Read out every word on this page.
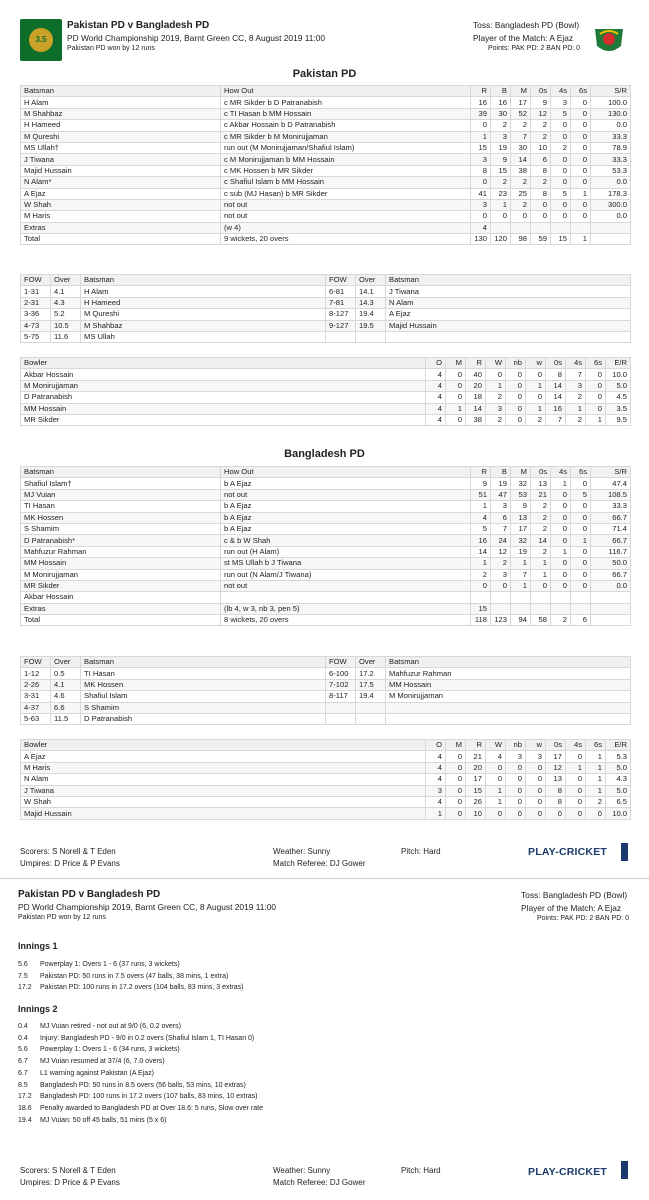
3.5
Pakistan PD v Bangladesh PD
PD World Championship 2019, Barnt Green CC, 8 August 2019 11:00
Pakistan PD won by 12 runs
Toss: Bangladesh PD (Bowl)
Player of the Match: A Ejaz
Points: PAK PD: 2 BAN PD: 0
Pakistan PD
Batsman	How Out	R	B	M	0s	4s	6s	S/R
H Alam	c MR Sikder b D Patranabish	16	16	17	9	3	0	100.0
M Shahbaz	c TI Hasan b MM Hossain	39	30	52	12	5	0	130.0
H Hameed	c Akbar Hossain b D Patranabish	0	2	2	2	0	0	0.0
M Qureshi	c MR Sikder b M Monirujjaman	1	3	7	2	0	0	33.3
MS Ullah†	run out (M Monirujjaman/Shafiul Islam)	15	19	30	10	2	0	78.9
J Tiwana	c M Monirujjaman b MM Hossain	3	9	14	6	0	0	33.3
Majid Hussain	c MK Hossen b MR Sikder	8	15	38	8	0	0	53.3
N Alam*	c Shafiul Islam b MM Hossain	0	2	2	2	0	0	0.0
A Ejaz	c sub (MJ Hasan) b MR Sikder	41	23	25	8	5	1	178.3
W Shah	not out	3	1	2	0	0	0	300.0
M Haris	not out	0	0	0	0	0	0	0.0
Extras	(w 4)	4						
Total	9 wickets, 20 overs	130	120	98	59	15	1	
FOW	Over	Batsman	FOW	Over	Batsman
1-31	4.1	H Alam	6-81	14.1	J Tiwana
2-31	4.3	H Hameed	7-81	14.3	N Alam
3-36	5.2	M Qureshi	8-127	19.4	A Ejaz
4-73	10.5	M Shahbaz	9-127	19.5	Majid Hussain
5-75	11.6	MS Ullah			
Bowler	O	M	R	W	nb	w	0s	4s	6s	E/R
Akbar Hossain	4	0	40	0	0	0	8	7	0	10.0
M Monirujjaman	4	0	20	1	0	1	14	3	0	5.0
D Patranabish	4	0	18	2	0	0	14	2	0	4.5
MM Hossain	4	1	14	3	0	1	16	1	0	3.5
MR Sikder	4	0	38	2	0	2	7	2	1	9.5
Bangladesh PD
Batsman	How Out	R	B	M	0s	4s	6s	S/R
Shafiul Islam†	b A Ejaz	9	19	32	13	1	0	47.4
MJ Vuian	not out	51	47	53	21	0	5	108.5
TI Hasan	b A Ejaz	1	3	9	2	0	0	33.3
MK Hossen	b A Ejaz	4	6	13	2	0	0	66.7
S Shamim	b A Ejaz	5	7	17	2	0	0	71.4
D Patranabish*	c & b W Shah	16	24	32	14	0	1	66.7
Mahfuzur Rahman	run out (H Alam)	14	12	19	2	1	0	116.7
MM Hossain	st MS Ullah b J Tiwana	1	2	1	1	0	0	50.0
M Monirujjaman	run out (N Alam/J Tiwana)	2	3	7	1	0	0	66.7
MR Sikder	not out	0	0	1	0	0	0	0.0
Akbar Hossain								
Extras	(lb 4, w 3, nb 3, pen 5)	15						
Total	8 wickets, 20 overs	118	123	94	58	2	6	
FOW	Over	Batsman	FOW	Over	Batsman
1-12	0.5	TI Hasan	6-100	17.2	Mahfuzur Rahman
2-26	4.1	MK Hossen	7-102	17.5	MM Hossain
3-31	4.6	Shafiul Islam	8-117	19.4	M Monirujjaman
4-37	6.6	S Shamim			
5-63	11.5	D Patranabish			
Bowler	O	M	R	W	nb	w	0s	4s	6s	E/R
A Ejaz	4	0	21	4	3	3	17	0	1	5.3
M Haris	4	0	20	0	0	0	12	1	1	5.0
N Alam	4	0	17	0	0	0	13	0	1	4.3
J Tiwana	3	0	15	1	0	0	8	0	1	5.0
W Shah	4	0	26	1	0	0	8	0	2	6.5
Majid Hussain	1	0	10	0	0	0	0	0	0	10.0
Scorers: S Norell & T Eden
Umpires: D Price & P Evans
Weather: Sunny
Match Referee: DJ Gower
Pitch: Hard	PLAY-CRICKET
Pakistan PD v Bangladesh PD
PD World Championship 2019, Barnt Green CC, 8 August 2019 11:00
Pakistan PD won by 12 runs
Toss: Bangladesh PD (Bowl)
Player of the Match: A Ejaz
Points: PAK PD: 2 BAN PD: 0
Innings 1
5.6 Powerplay 1: Overs 1 - 6 (37 runs, 3 wickets)
7.5 Pakistan PD: 50 runs in 7.5 overs (47 balls, 38 mins, 1 extra)
17.2 Pakistan PD: 100 runs in 17.2 overs (104 balls, 83 mins, 3 extras)
Innings 2
0.4 MJ Vuian retired - not out at 9/0 (6, 0.2 overs)
0.4 Injury: Bangladesh PD - 9/0 in 0.2 overs (Shafiul Islam 1, TI Hasan 0)
5.6 Powerplay 1: Overs 1 - 6 (34 runs, 3 wickets)
6.7 MJ Vuian resumed at 37/4 (6, 7.0 overs)
6.7 L1 warning against Pakistan (A Ejaz)
8.5 Bangladesh PD: 50 runs in 8.5 overs (56 balls, 53 mins, 10 extras)
17.2 Bangladesh PD: 100 runs in 17.2 overs (107 balls, 83 mins, 10 extras)
18.6 Penalty awarded to Bangladesh PD at Over 18.6: 5 runs, Slow over rate
19.4 MJ Vuian: 50 off 45 balls, 51 mins (5 x 6)
Scorers: S Norell & T Eden
Umpires: D Price & P Evans
Weather: Sunny
Match Referee: DJ Gower
Pitch: Hard	PLAY-CRICKET
